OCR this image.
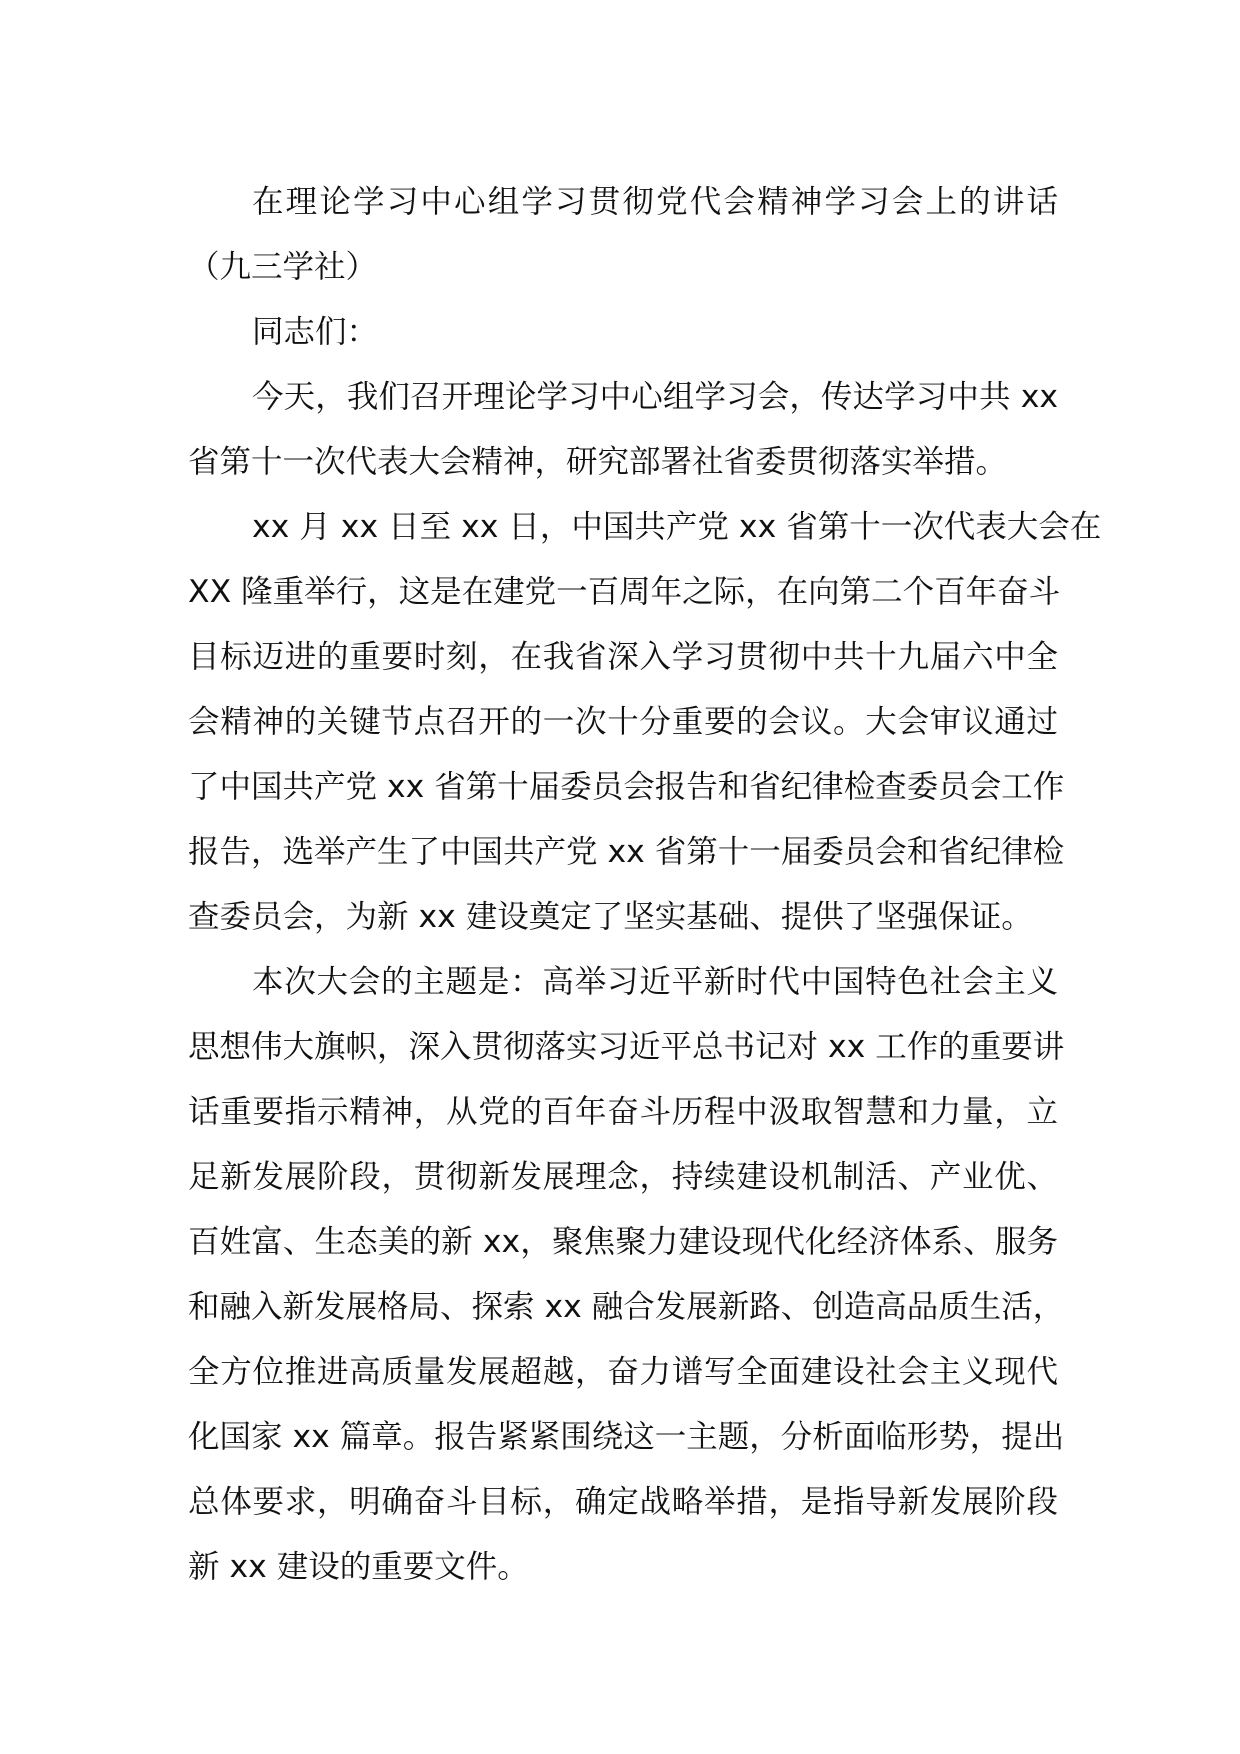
在理论学习中心组学习贯彻党代会精神学习会上的讲话
（九三学社）
同志们：
今天，我们召开理论学习中心组学习会，传达学习中共 xx
省第十一次代表大会精神，研究部署社省委贯彻落实举措。
xx 月 xx 日至 xx 日，中国共产党 xx 省第十一次代表大会在
XX 隆重举行，这是在建党一百周年之际，在向第二个百年奋斗
目标迈进的重要时刻，在我省深入学习贯彻中共十九届六中全
会精神的关键节点召开的一次十分重要的会议。大会审议通过
了中国共产党 xx 省第十届委员会报告和省纪律检查委员会工作
报告，选举产生了中国共产党 xx 省第十一届委员会和省纪律检
查委员会，为新 xx 建设奠定了坚实基础、提供了坚强保证。
本次大会的主题是：高举习近平新时代中国特色社会主义
思想伟大旗帜，深入贯彻落实习近平总书记对 xx 工作的重要讲
话重要指示精神，从党的百年奋斗历程中汲取智慧和力量，立
足新发展阶段，贯彻新发展理念，持续建设机制活、产业优、
百姓富、生态美的新 xx，聚焦聚力建设现代化经济体系、服务
和融入新发展格局、探索 xx 融合发展新路、创造高品质生活，
全方位推进高质量发展超越，奋力谱写全面建设社会主义现代
化国家 xx 篇章。报告紧紧围绕这一主题，分析面临形势，提出
总体要求，明确奋斗目标，确定战略举措，是指导新发展阶段
新 xx 建设的重要文件。
